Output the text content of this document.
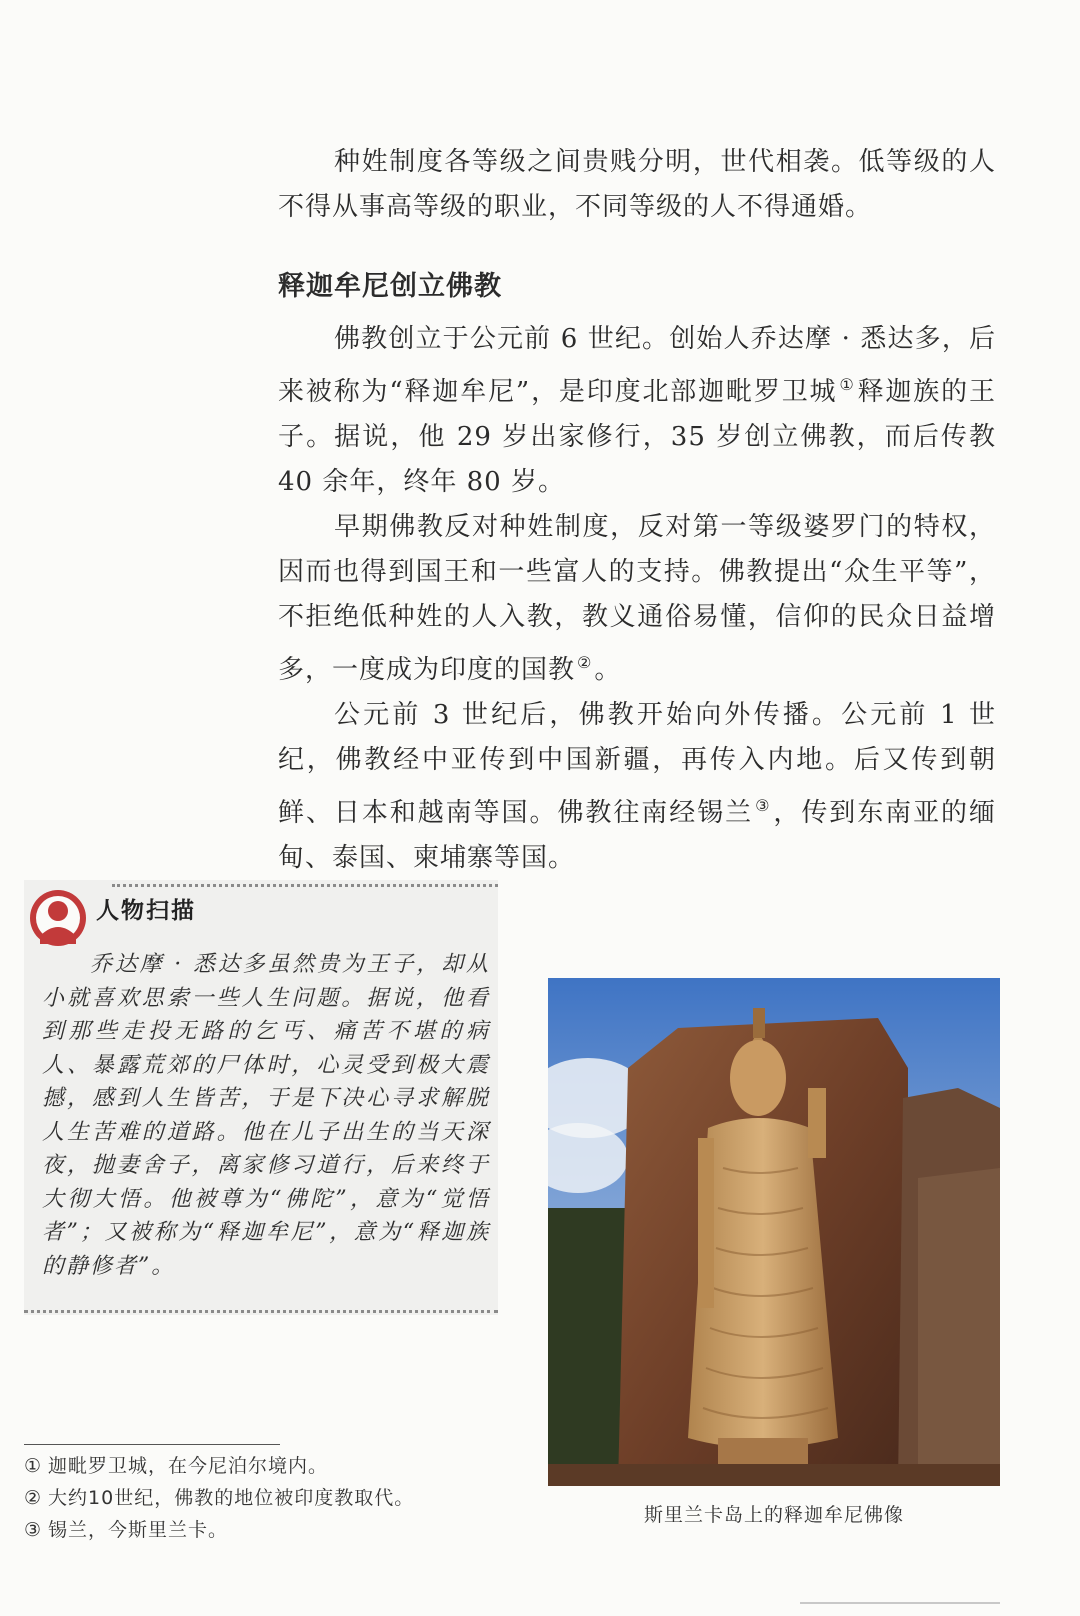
种姓制度各等级之间贵贱分明，世代相袭。低等级的人不得从事高等级的职业，不同等级的人不得通婚。

释迦牟尼创立佛教

佛教创立于公元前 6 世纪。创始人乔达摩 · 悉达多，后来被称为“释迦牟尼”，是印度北部迦毗罗卫城 ①释迦族的王子。据说，他 29 岁出家修行，35 岁创立佛教，而后传教 40 余年，终年 80 岁。

早期佛教反对种姓制度，反对第一等级婆罗门的特权，因而也得到国王和一些富人的支持。佛教提出“众生平等”，不拒绝低种姓的人入教，教义通俗易懂，信仰的民众日益增多，一度成为印度的国教 ②。

公元前 3 世纪后，佛教开始向外传播。公元前 1 世纪，佛教经中亚传到中国新疆，再传入内地。后又传到朝鲜、日本和越南等国。佛教往南经锡兰 ③，传到东南亚的缅甸、泰国、柬埔寨等国。

人物扫描

乔达摩 · 悉达多虽然贵为王子，却从小就喜欢思索一些人生问题。据说，他看到那些走投无路的乞丐、痛苦不堪的病人、暴露荒郊的尸体时，心灵受到极大震撼，感到人生皆苦，于是下决心寻求解脱人生苦难的道路。他在儿子出生的当天深夜，抛妻舍子，离家修习道行，后来终于大彻大悟。他被尊为“佛陀”，意为“觉悟者”；又被称为“释迦牟尼”，意为“释迦族的静修者”。

斯里兰卡岛上的释迦牟尼佛像
① 迦毗罗卫城，在今尼泊尔境内。
② 大约10世纪，佛教的地位被印度教取代。
③ 锡兰，今斯里兰卡。
